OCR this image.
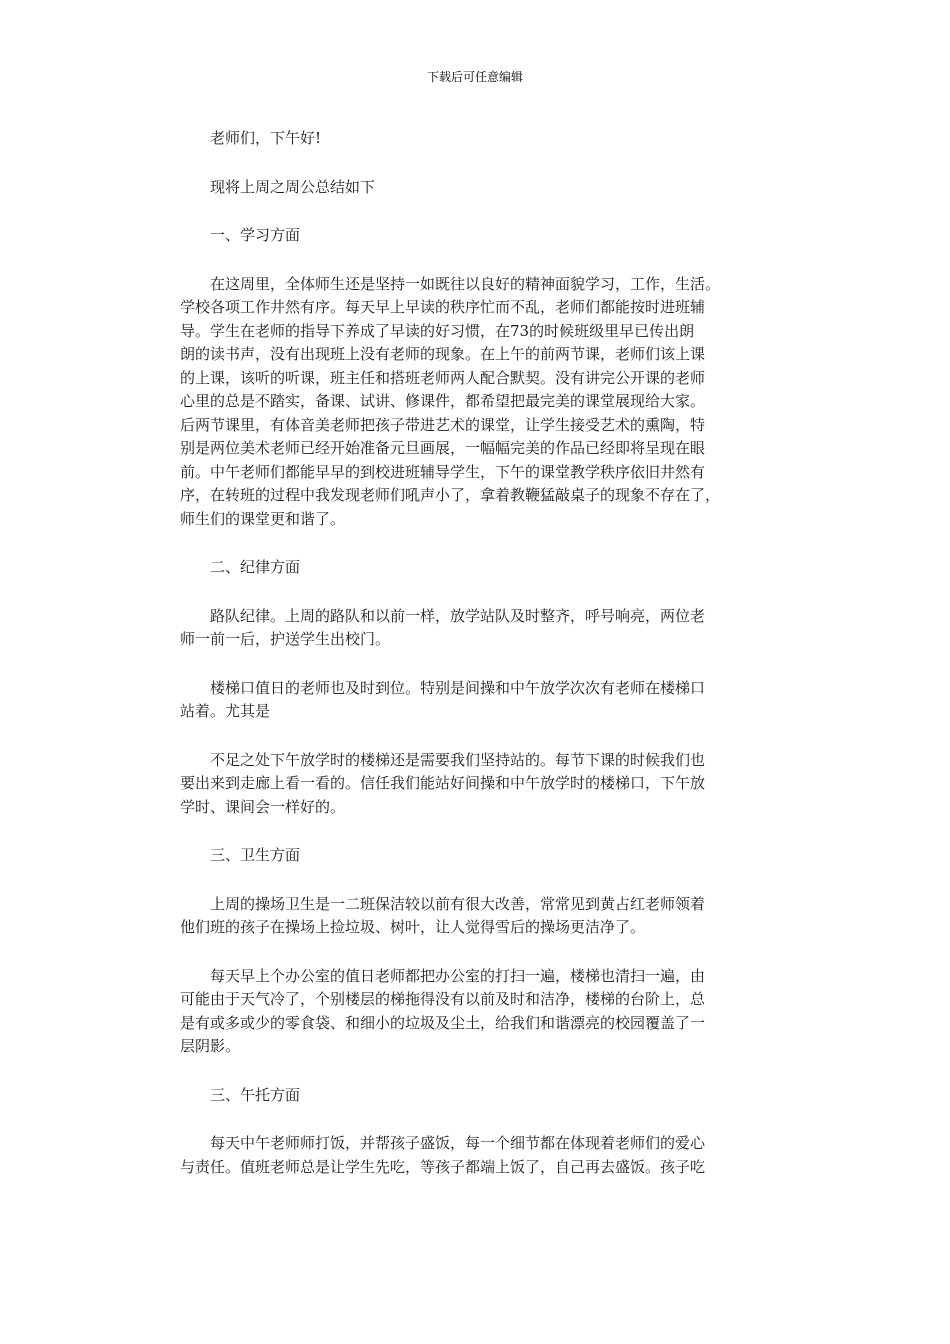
下载后可任意编辑

老师们，下午好!

现将上周之周公总结如下

一、学习方面

在这周里，全体师生还是坚持一如既往以良好的精神面貌学习，工作，生活。
学校各项工作井然有序。每天早上早读的秩序忙而不乱，老师们都能按时进班辅
导。学生在老师的指导下养成了早读的好习惯，在73的时候班级里早已传出朗
朗的读书声，没有出现班上没有老师的现象。在上午的前两节课，老师们该上课
的上课，该听的听课，班主任和搭班老师两人配合默契。没有讲完公开课的老师
心里的总是不踏实，备课、试讲、修课件，都希望把最完美的课堂展现给大家。
后两节课里，有体音美老师把孩子带进艺术的课堂，让学生接受艺术的熏陶，特
别是两位美术老师已经开始准备元旦画展，一幅幅完美的作品已经即将呈现在眼
前。中午老师们都能早早的到校进班辅导学生，下午的课堂教学秩序依旧井然有
序，在转班的过程中我发现老师们吼声小了，拿着教鞭猛敲桌子的现象不存在了，
师生们的课堂更和谐了。

二、纪律方面

路队纪律。上周的路队和以前一样，放学站队及时整齐，呼号响亮，两位老
师一前一后，护送学生出校门。

楼梯口值日的老师也及时到位。特别是间操和中午放学次次有老师在楼梯口
站着。尤其是

不足之处下午放学时的楼梯还是需要我们坚持站的。每节下课的时候我们也
要出来到走廊上看一看的。信任我们能站好间操和中午放学时的楼梯口，下午放
学时、课间会一样好的。

三、卫生方面

上周的操场卫生是一二班保洁较以前有很大改善，常常见到黄占红老师领着
他们班的孩子在操场上捡垃圾、树叶，让人觉得雪后的操场更洁净了。

每天早上个办公室的值日老师都把办公室的打扫一遍，楼梯也清扫一遍，由
可能由于天气冷了，个别楼层的梯拖得没有以前及时和洁净，楼梯的台阶上，总
是有或多或少的零食袋、和细小的垃圾及尘土，给我们和谐漂亮的校园覆盖了一
层阴影。

三、午托方面

每天中午老师师打饭，并帮孩子盛饭，每一个细节都在体现着老师们的爱心
与责任。值班老师总是让学生先吃，等孩子都端上饭了，自己再去盛饭。孩子吃
